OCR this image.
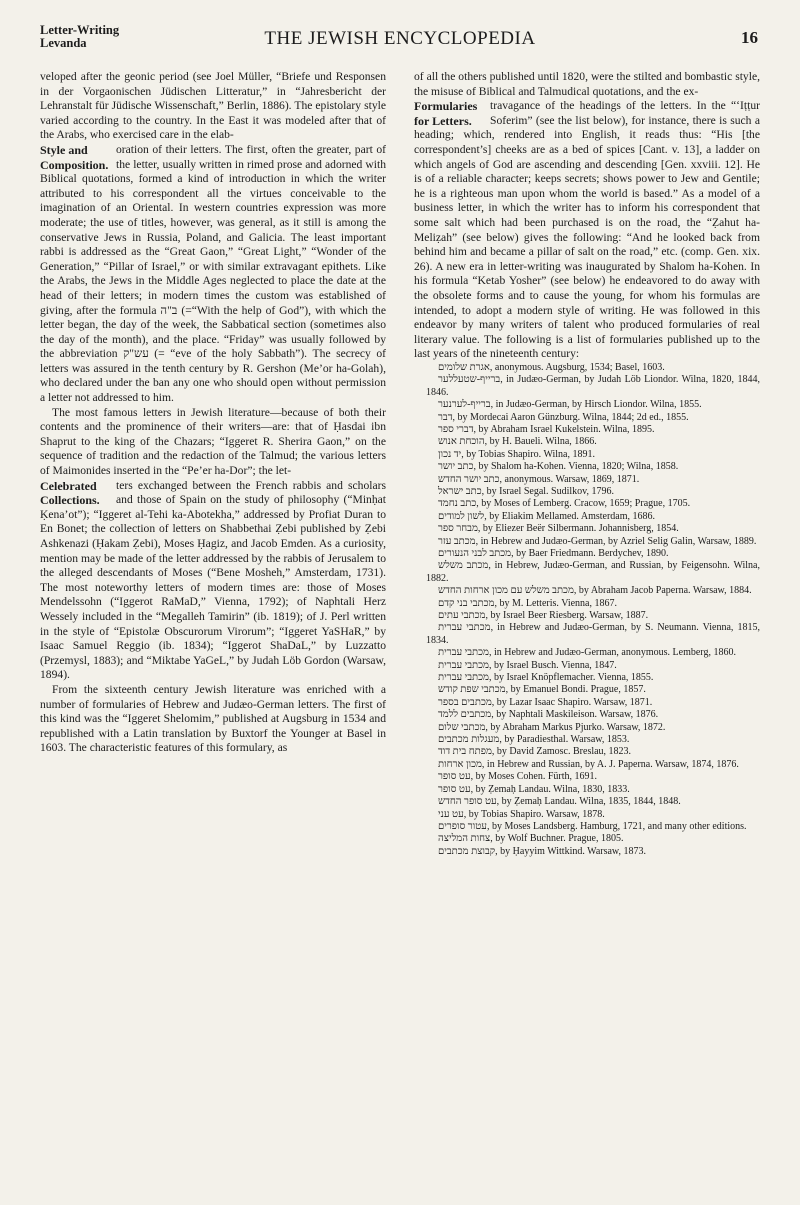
Letter-Writing
Levanda	THE JEWISH ENCYCLOPEDIA	16

veloped after the geonic period (see Joel Müller, “Briefe und Responsen in der Vorgaonischen Jüdischen Litteratur,” in “Jahresbericht der Lehranstalt für Jüdische Wissenschaft,” Berlin, 1886). The epistolary style varied according to the country. In the East it was modeled after that of the Arabs, who exercised care in the elab-

Style and Composition.

oration of their letters. The first, often the greater, part of the letter, usually written in rimed prose and adorned with Biblical quotations, formed a kind of introduction in which the writer attributed to his correspondent all the virtues conceivable to the imagination of an Oriental. In western countries expression was more moderate; the use of titles, however, was general, as it still is among the conservative Jews in Russia, Poland, and Galicia. The least important rabbi is addressed as the “Great Gaon,” “Great Light,” “Wonder of the Generation,” “Pillar of Israel,” or with similar extravagant epithets. Like the Arabs, the Jews in the Middle Ages neglected to place the date at the head of their letters; in modern times the custom was established of giving, after the formula ב"ה (=“With the help of God”), with which the letter began, the day of the week, the Sabbatical section (sometimes also the day of the month), and the place. “Friday” was usually followed by the abbreviation עש"ק (= “eve of the holy Sabbath”). The secrecy of letters was assured in the tenth century by R. Gershon (Me’or ha-Golah), who declared under the ban any one who should open without permission a letter not addressed to him.

The most famous letters in Jewish literature—because of both their contents and the prominence of their writers—are: that of Ḥasdai ibn Shaprut to the king of the Chazars; “Iggeret R. Sherira Gaon,” on the sequence of tradition and the redaction of the Talmud; the various letters of Maimonides inserted in the “Pe’er ha-Dor”; the let-

Celebrated Collections.

ters exchanged between the French rabbis and scholars and those of Spain on the study of philosophy (“Minḥat Ḳena’ot”); “Iggeret al-Tehi ka-Abotekha,” addressed by Profiat Duran to En Bonet; the collection of letters on Shabbethai Ẓebi published by Ẓebi Ashkenazi (Ḥakam Ẓebi), Moses Ḥagiz, and Jacob Emden. As a curiosity, mention may be made of the letter addressed by the rabbis of Jerusalem to the alleged descendants of Moses (“Bene Mosheh,” Amsterdam, 1731). The most noteworthy letters of modern times are: those of Moses Mendelssohn (“Iggerot RaMaD,” Vienna, 1792); of Naphtali Herz Wessely included in the “Megalleh Tamirin” (ib. 1819); of J. Perl written in the style of “Epistolæ Obscurorum Virorum”; “Iggeret YaSHaR,” by Isaac Samuel Reggio (ib. 1834); “Iggerot ShaDaL,” by Luzzatto (Przemysl, 1883); and “Miktabe YaGeL,” by Judah Löb Gordon (Warsaw, 1894).

From the sixteenth century Jewish literature was enriched with a number of formularies of Hebrew and Judæo-German letters. The first of this kind was the “Iggeret Shelomim,” published at Augsburg in 1534 and republished with a Latin translation by Buxtorf the Younger at Basel in 1603. The characteristic features of this formulary, as

of all the others published until 1820, were the stilted and bombastic style, the misuse of Biblical and Talmudical quotations, and the ex-

Formularies for Letters.

travagance of the headings of the letters. In the “‘Iṭṭur Soferim” (see the list below), for instance, there is such a heading; which, rendered into English, it reads thus: “His [the correspondent’s] cheeks are as a bed of spices [Cant. v. 13], a ladder on which angels of God are ascending and descending [Gen. xxviii. 12]. He is of a reliable character; keeps secrets; shows power to Jew and Gentile; he is a righteous man upon whom the world is based.” As a model of a business letter, in which the writer has to inform his correspondent that some salt which had been purchased is on the road, the “Ẓahut ha-Meliẓah” (see below) gives the following: “And he looked back from behind him and became a pillar of salt on the road,” etc. (comp. Gen. xix. 26). A new era in letter-writing was inaugurated by Shalom ha-Kohen. In his formula “Ketab Yosher” (see below) he endeavored to do away with the obsolete forms and to cause the young, for whom his formulas are intended, to adopt a modern style of writing. He was followed in this endeavor by many writers of talent who produced formularies of real literary value. The following is a list of formularies published up to the last years of the nineteenth century:

אגרת שלומים, anonymous. Augsburg, 1534; Basel, 1603.

ברייף-שטעללער, in Judæo-German, by Judah Löb Liondor. Wilna, 1820, 1844, 1846.

ברייף-לערנער, in Judæo-German, by Hirsch Liondor. Wilna, 1855.

דבר, by Mordecai Aaron Günzburg. Wilna, 1844; 2d ed., 1855.

דברי ספר, by Abraham Israel Kukelstein. Wilna, 1895.

הוכחת אנוש, by H. Baueli. Wilna, 1866.

יד נכון, by Tobias Shapiro. Wilna, 1891.

כתב יושר, by Shalom ha-Kohen. Vienna, 1820; Wilna, 1858.

כתב יושר החדש, anonymous. Warsaw, 1869, 1871.

כתב ישראל, by Israel Segal. Sudilkov, 1796.

כתב נחמד, by Moses of Lemberg. Cracow, 1659; Prague, 1705.

לשון למודים, by Eliakim Mellamed. Amsterdam, 1686.

מבחר ספר, by Eliezer Beër Silbermann. Johannisberg, 1854.

מכתב עזר, in Hebrew and Judæo-German, by Azriel Selig Galin, Warsaw, 1889.

מכתב לבני הנעורים, by Baer Friedmann. Berdychev, 1890.

מכתב משלש, in Hebrew, Judæo-German, and Russian, by Feigensohn. Wilna, 1882.

מכתב משלש עם מכון ארחות החדש, by Abraham Jacob Paperna. Warsaw, 1884.

מכתבי בני קדם, by M. Letteris. Vienna, 1867.

מכתבי עתים, by Israel Beer Riesberg. Warsaw, 1887.

מכתבי עברית, in Hebrew and Judæo-German, by S. Neumann. Vienna, 1815, 1834.

מכתבי עברית, in Hebrew and Judæo-German, anonymous. Lemberg, 1860.

מכתבי עברית, by Israel Busch. Vienna, 1847.

מכתבי עברית, by Israel Knöpflemacher. Vienna, 1855.

מכתבי שפת קודש, by Emanuel Bondi. Prague, 1857.

מכתבים בספר, by Lazar Isaac Shapiro. Warsaw, 1871.

מכתבים ללמד, by Naphtali Maskileison. Warsaw, 1876.

מכתבי שלום, by Abraham Markus Pjurko. Warsaw, 1872.

מעגלות מכתבים, by Paradiesthal. Warsaw, 1853.

מפתח בית דוד, by David Zamosc. Breslau, 1823.

מכון ארחות, in Hebrew and Russian, by A. J. Paperna. Warsaw, 1874, 1876.

עט סופר, by Moses Cohen. Fürth, 1691.

עט סופר, by Ẓemaḥ Landau. Wilna, 1830, 1833.

עט סופר החדש, by Ẓemaḥ Landau. Wilna, 1835, 1844, 1848.

עט עני, by Tobias Shapiro. Warsaw, 1878.

עטור סופרים, by Moses Landsberg. Hamburg, 1721, and many other editions.

צחות המליצה, by Wolf Buchner. Prague, 1805.

קבוצת מכתבים, by Ḥayyim Wittkind. Warsaw, 1873.
